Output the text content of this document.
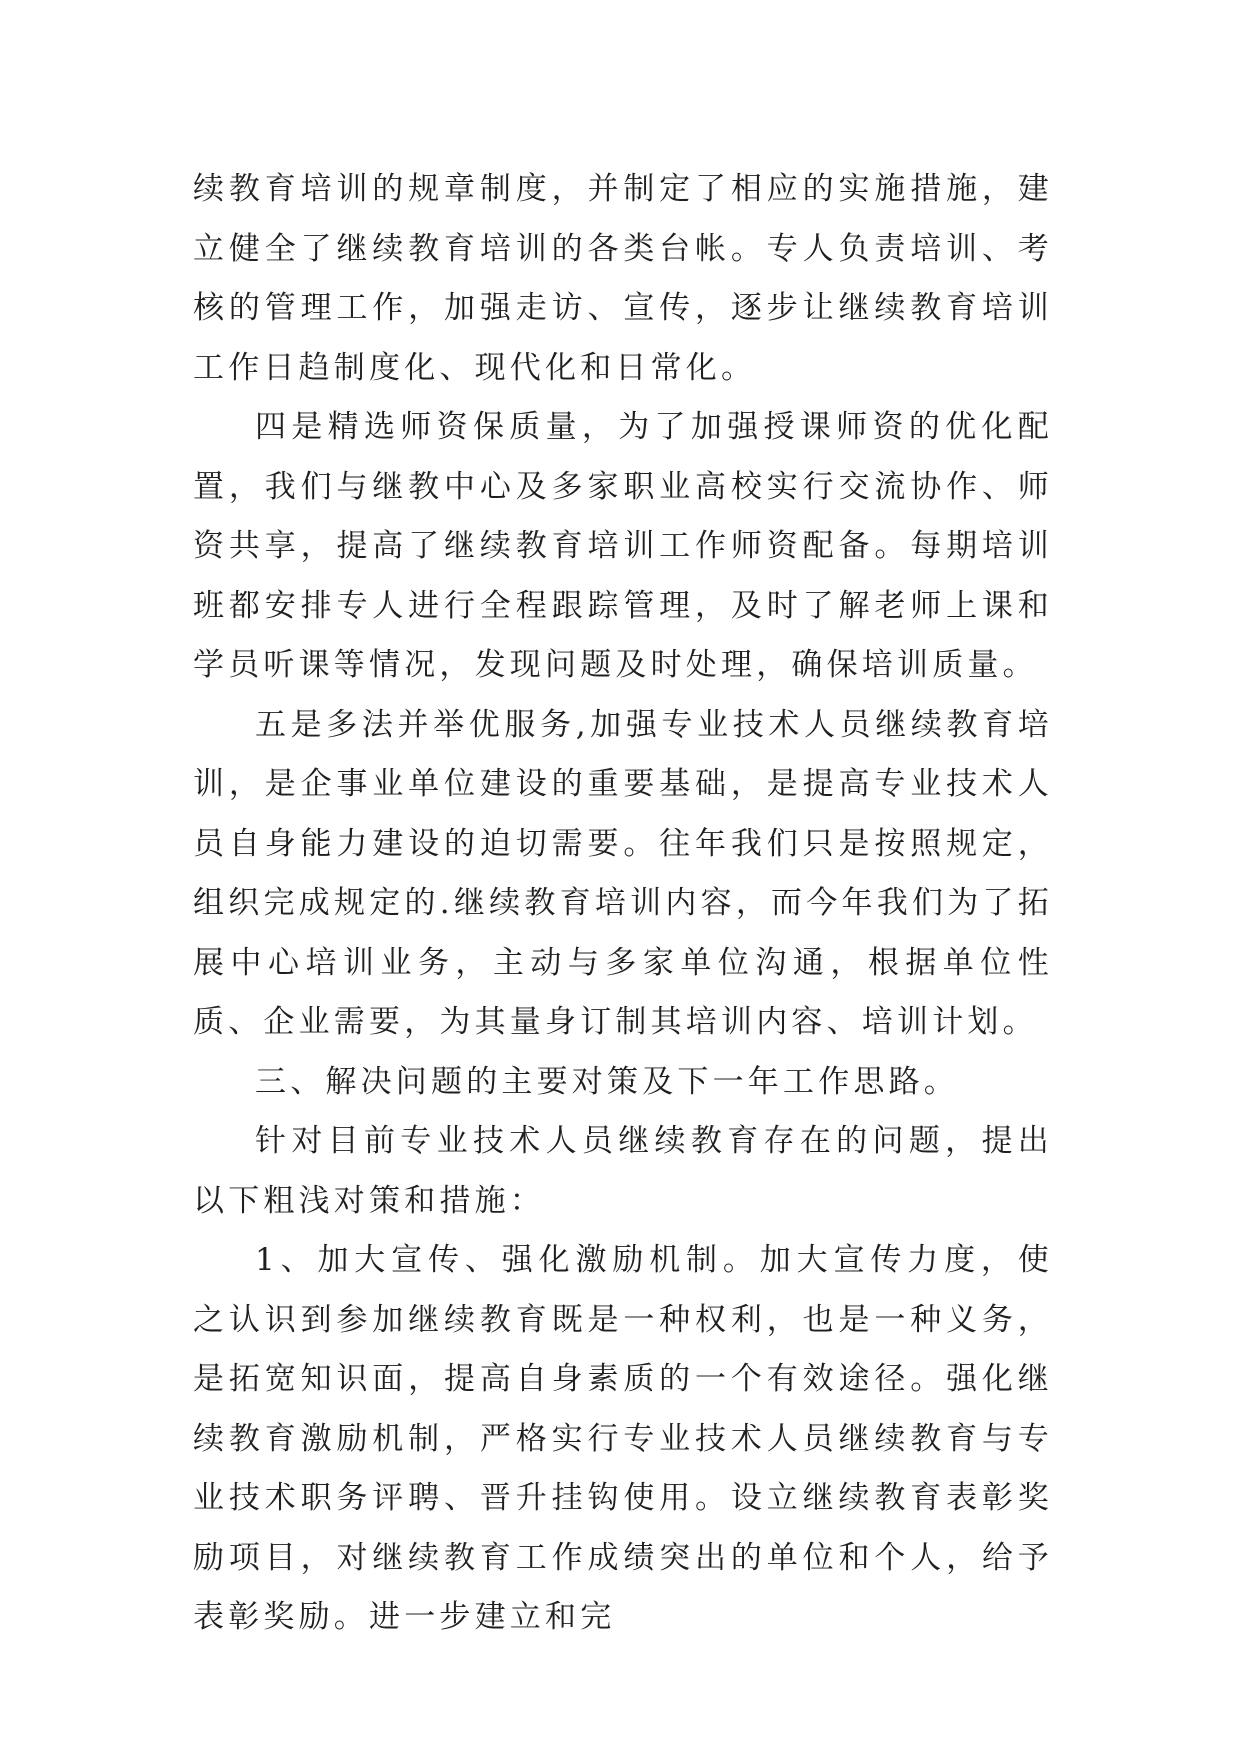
续教育培训的规章制度，并制定了相应的实施措施，建立健全了继续教育培训的各类台帐。专人负责培训、考核的管理工作，加强走访、宣传，逐步让继续教育培训工作日趋制度化、现代化和日常化。

四是精选师资保质量，为了加强授课师资的优化配置，我们与继教中心及多家职业高校实行交流协作、师资共享，提高了继续教育培训工作师资配备。每期培训班都安排专人进行全程跟踪管理，及时了解老师上课和学员听课等情况，发现问题及时处理，确保培训质量。

五是多法并举优服务,加强专业技术人员继续教育培训，是企事业单位建设的重要基础，是提高专业技术人员自身能力建设的迫切需要。往年我们只是按照规定，组织完成规定的.继续教育培训内容，而今年我们为了拓展中心培训业务，主动与多家单位沟通，根据单位性质、企业需要，为其量身订制其培训内容、培训计划。

三、解决问题的主要对策及下一年工作思路。

针对目前专业技术人员继续教育存在的问题，提出以下粗浅对策和措施：

1、加大宣传、强化激励机制。加大宣传力度，使之认识到参加继续教育既是一种权利，也是一种义务，是拓宽知识面，提高自身素质的一个有效途径。强化继续教育激励机制，严格实行专业技术人员继续教育与专业技术职务评聘、晋升挂钩使用。设立继续教育表彰奖励项目，对继续教育工作成绩突出的单位和个人，给予表彰奖励。进一步建立和完
